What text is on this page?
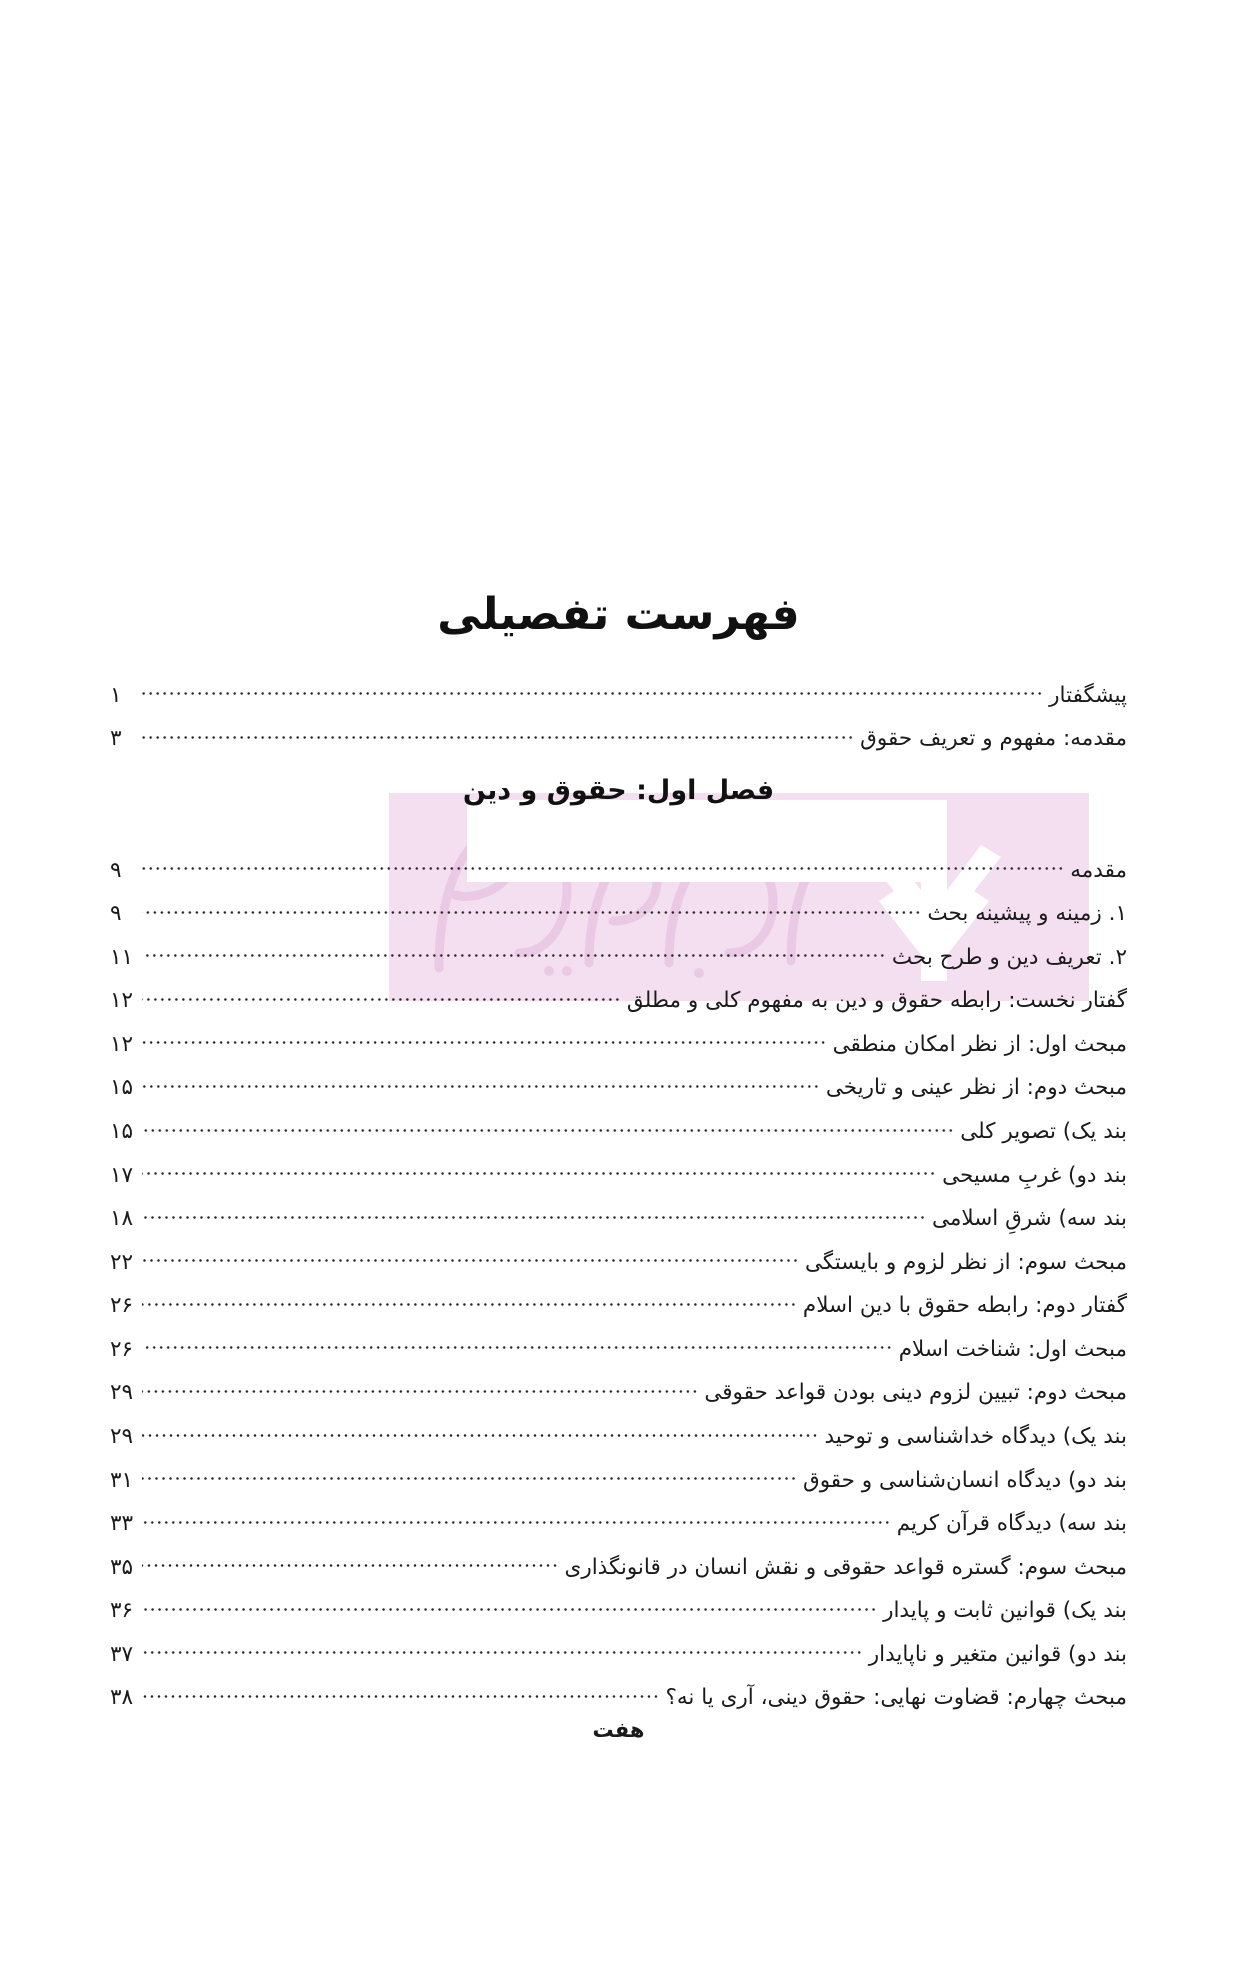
فهرست تفصیلی
پیشگفتار
۱
مقدمه: مفهوم و تعریف حقوق
۳
فصل اول: حقوق و دین
مقدمه
۹
۱. زمینه و پیشینه بحث
۹
۲. تعریف دین و طرح بحث
۱۱
گفتار نخست: رابطه حقوق و دین به مفهوم کلی و مطلق
۱۲
مبحث اول: از نظر امکان منطقی
۱۲
مبحث دوم: از نظر عینی و تاریخی
۱۵
بند یک) تصویر کلی
۱۵
بند دو) غربِ مسیحی
۱۷
بند سه) شرقِ اسلامی
۱۸
مبحث سوم: از نظر لزوم و بایستگی
۲۲
گفتار دوم: رابطه حقوق با دین اسلام
۲۶
مبحث اول: شناخت اسلام
۲۶
مبحث دوم: تبیین لزوم دینی بودن قواعد حقوقی
۲۹
بند یک) دیدگاه خداشناسی و توحید
۲۹
بند دو) دیدگاه انسان‌شناسی و حقوق
۳۱
بند سه) دیدگاه قرآن کریم
۳۳
مبحث سوم: گستره قواعد حقوقی و نقش انسان در قانونگذاری
۳۵
بند یک) قوانین ثابت و پایدار
۳۶
بند دو) قوانین متغیر و ناپایدار
۳۷
مبحث چهارم: قضاوت نهایی: حقوق دینی، آری یا نه؟
۳۸
هفت
